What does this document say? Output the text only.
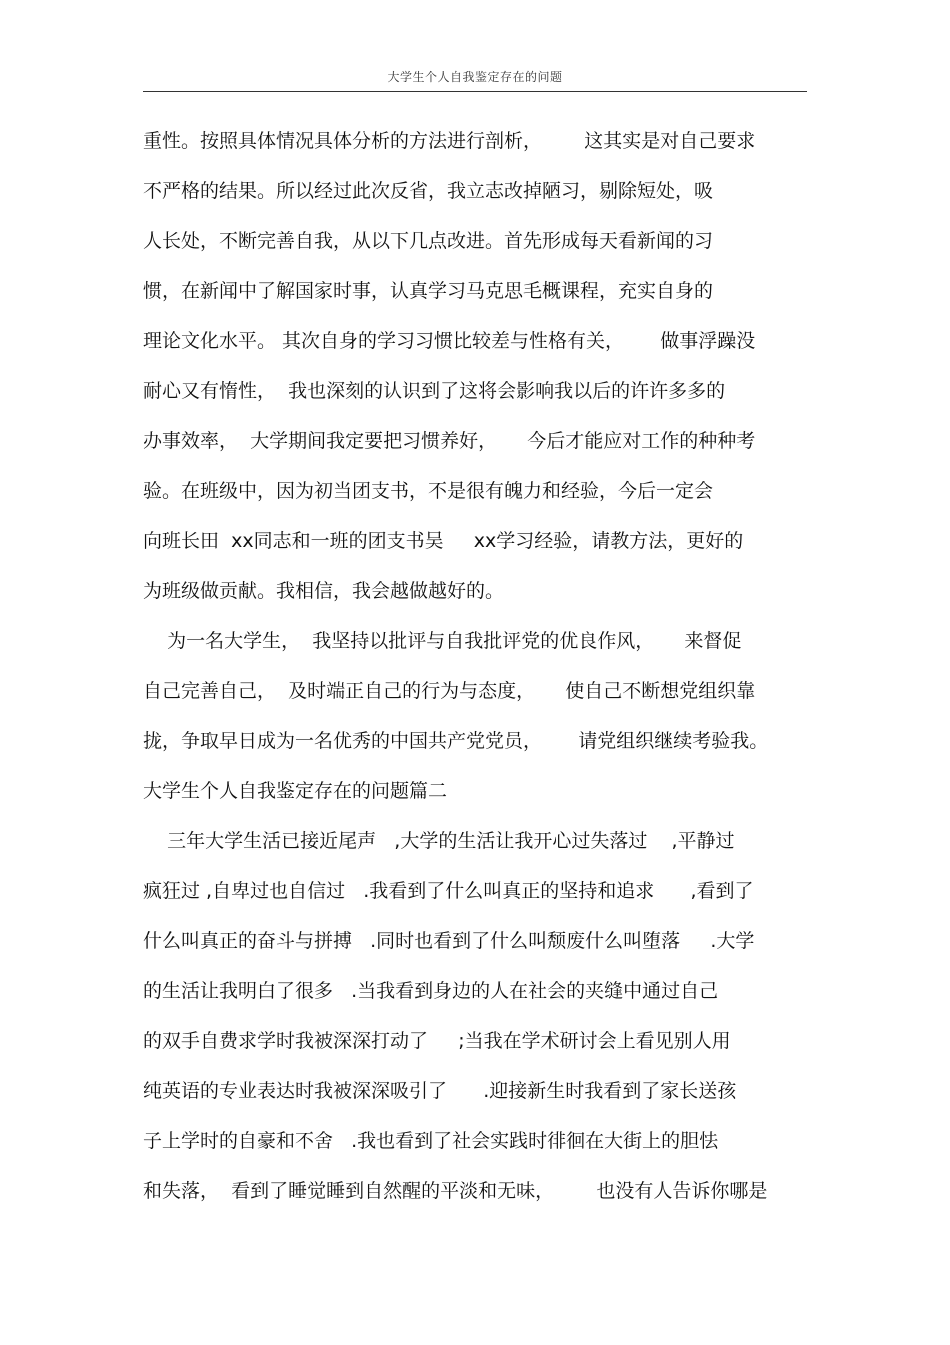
大学生个人自我鉴定存在的问题
重性。按照具体情况具体分析的方法进行剖析，       这其实是对自己要求
不严格的结果。所以经过此次反省，我立志改掉陋习，剔除短处，吸
人长处，不断完善自我，从以下几点改进。首先形成每天看新闻的习
惯，在新闻中了解国家时事，认真学习马克思毛概课程，充实自身的
理论文化水平。 其次自身的学习习惯比较差与性格有关，      做事浮躁没
耐心又有惰性，  我也深刻的认识到了这将会影响我以后的许许多多的
办事效率，  大学期间我定要把习惯养好，     今后才能应对工作的种种考
验。在班级中，因为初当团支书，不是很有魄力和经验，今后一定会
向班长田  xx同志和一班的团支书吴     xx学习经验，请教方法，更好的
为班级做贡献。我相信，我会越做越好的。
为一名大学生，  我坚持以批评与自我批评党的优良作风，     来督促
自己完善自己，  及时端正自己的行为与态度，     使自己不断想党组织靠
拢，争取早日成为一名优秀的中国共产党党员，      请党组织继续考验我。
大学生个人自我鉴定存在的问题篇二
三年大学生活已接近尾声   ,大学的生活让我开心过失落过    ,平静过
疯狂过 ,自卑过也自信过   .我看到了什么叫真正的坚持和追求      ,看到了
什么叫真正的奋斗与拼搏   .同时也看到了什么叫颓废什么叫堕落     .大学
的生活让我明白了很多   .当我看到身边的人在社会的夹缝中通过自己
的双手自费求学时我被深深打动了     ;当我在学术研讨会上看见别人用
纯英语的专业表达时我被深深吸引了      .迎接新生时我看到了家长送孩
子上学时的自豪和不舍   .我也看到了社会实践时徘徊在大街上的胆怯
和失落，  看到了睡觉睡到自然醒的平淡和无味，       也没有人告诉你哪是
